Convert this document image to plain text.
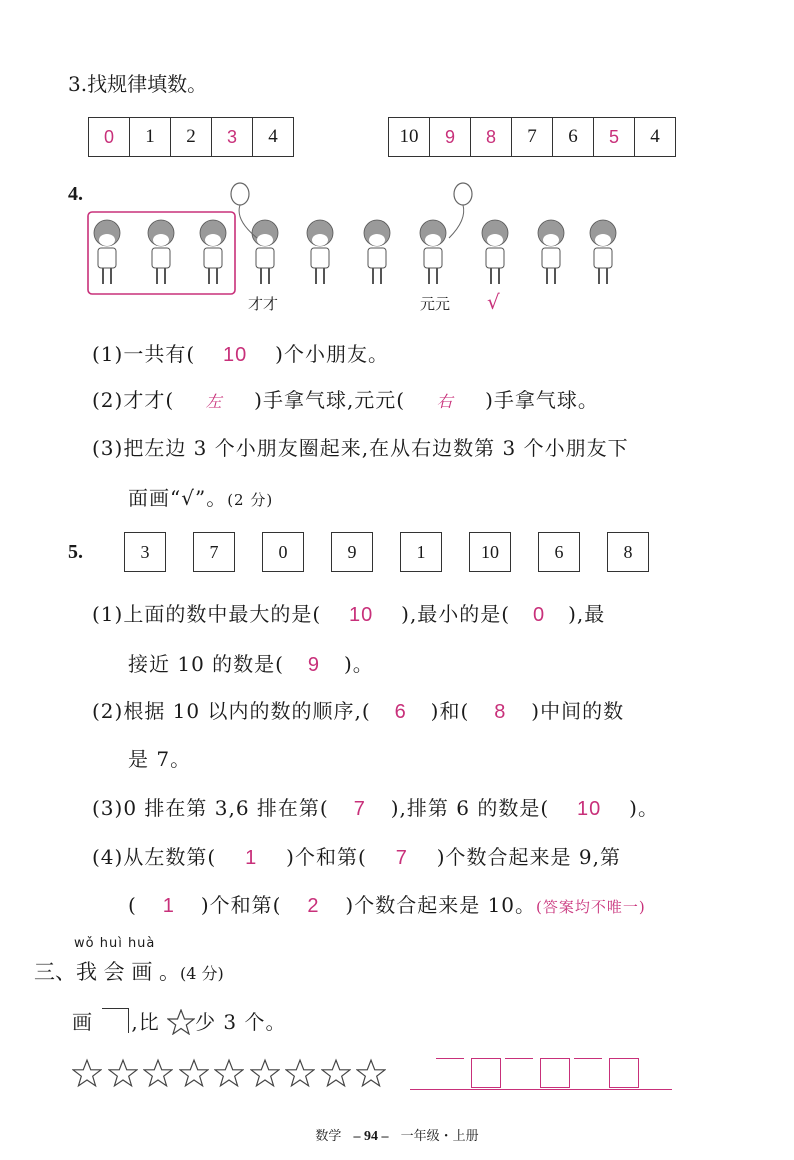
3.找规律填数。
0	1	2	3	4	10	9	8	7	6	5	4
4.
才才	元元 √
(1)一共有( 10 )个小朋友。
(2)才才( 左 )手拿气球,元元( 右 )手拿气球。
(3)把左边 3 个小朋友圈起来,在从右边数第 3 个小朋友下
面画“√”。(2 分)
5.	3	7	0	9	1	10	6	8
(1)上面的数中最大的是( 10 ),最小的是( 0 ),最
接近 10 的数是( 9 )。
(2)根据 10 以内的数的顺序,( 6 )和( 8 )中间的数
是 7。
(3)0 排在第 3,6 排在第( 7 ),排第 6 的数是( 10 )。
(4)从左数第( 1 )个和第( 7 )个数合起来是 9,第
( 1 )个和第( 2 )个数合起来是 10。(答案均不唯一)
wǒ huì huà
三、我 会 画 。(4 分)
画 ,比 少 3 个。
数学 – 94 – 一年级・上册
